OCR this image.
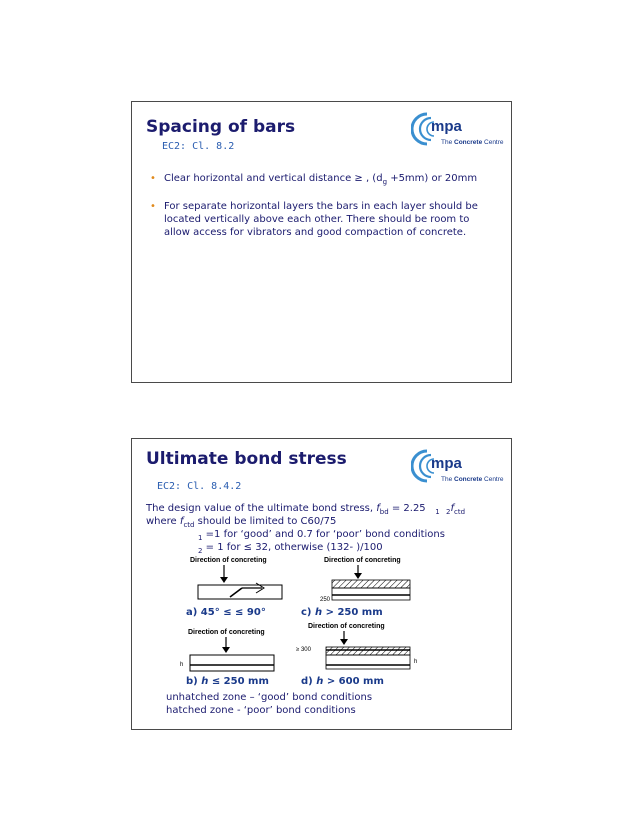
Spacing of bars
EC2: Cl. 8.2
mpa
The Concrete Centre
• Clear horizontal and vertical distance ≥ , $(d_g +5mm)$ or 20mm
• For separate horizontal layers the bars in each layer should be located vertically above each other. There should be room to allow access for vibrators and good compaction of concrete.
Ultimate bond stress
EC2: Cl. 8.4.2
mpa
The Concrete Centre
The design value of the ultimate bond stress, $f_{bd} = 2.25$   $_1$ $_2f_{ctd}$
where $f_{ctd}$ should be limited to C60/75
$_1$ =1 for ‘good’ and 0.7 for ‘poor’ bond conditions
$_2$ = 1 for ≤ 32, otherwise (132- )/100
Direction of concreting	Direction of concreting
250
a) 45° ≤ ≤ 90°	c) h > 250 mm
Direction of concreting
h
Direction of concreting
≥ 300
h
b) h ≤ 250 mm	d) h > 600 mm
unhatched zone – ‘good’ bond conditions
hatched zone - ‘poor’ bond conditions
